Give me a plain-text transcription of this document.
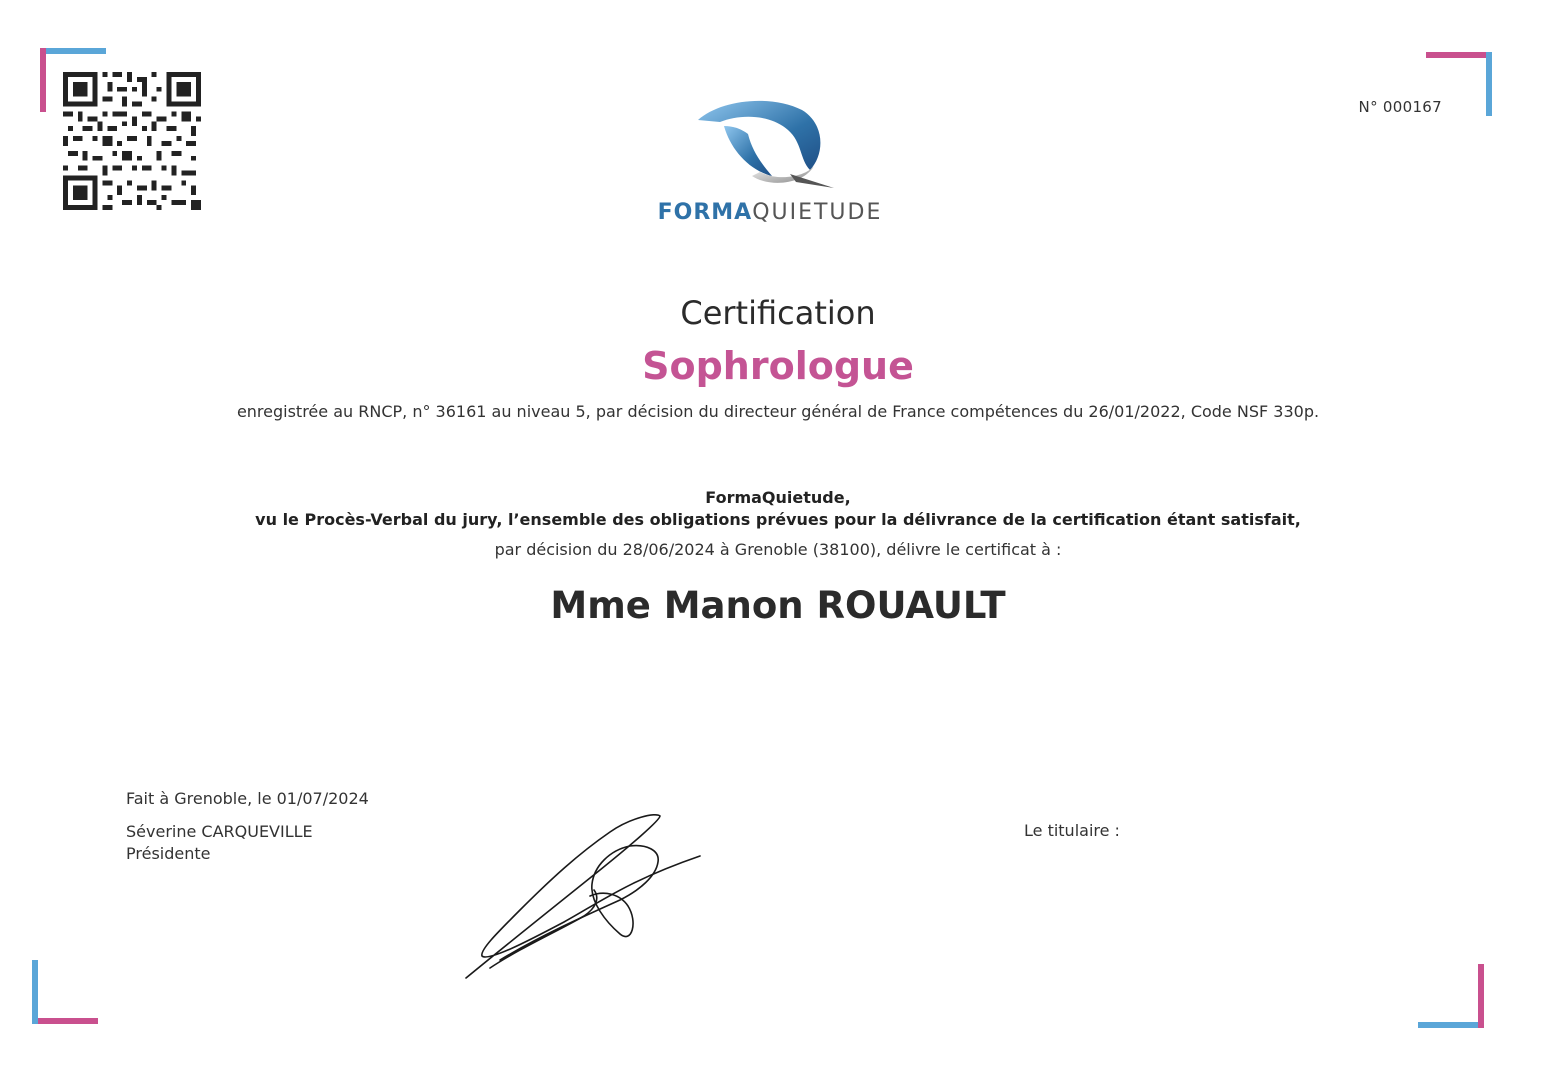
N° 000167
FORMAQUIETUDE
Certification
Sophrologue
enregistrée au RNCP, n° 36161 au niveau 5, par décision du directeur général de France compétences du 26/01/2022, Code NSF 330p.
FormaQuietude,
vu le Procès-Verbal du jury, l’ensemble des obligations prévues pour la délivrance de la certification étant satisfait,
par décision du 28/06/2024 à Grenoble (38100), délivre le certificat à :
Mme Manon ROUAULT
Fait à Grenoble, le 01/07/2024
Séverine CARQUEVILLE
Présidente
Le titulaire :
